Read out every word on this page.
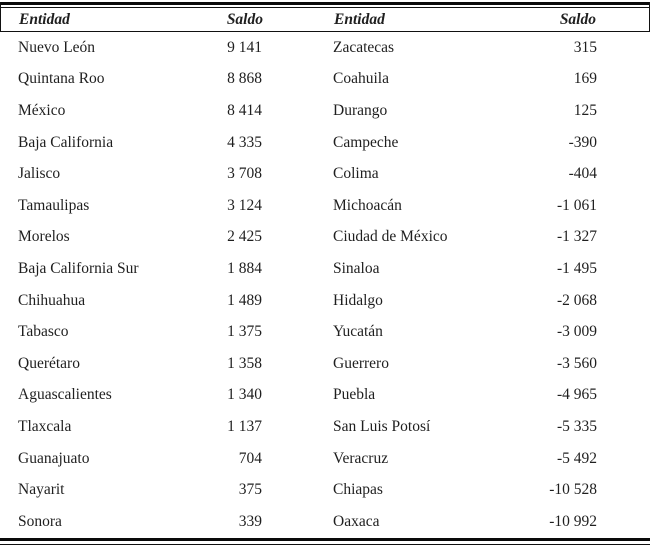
Entidad	Saldo	Entidad	Saldo
Nuevo León	9 141	Zacatecas	315
Quintana Roo	8 868	Coahuila	169
México	8 414	Durango	125
Baja California	4 335	Campeche	-390
Jalisco	3 708	Colima	-404
Tamaulipas	3 124	Michoacán	-1 061
Morelos	2 425	Ciudad de México	-1 327
Baja California Sur	1 884	Sinaloa	-1 495
Chihuahua	1 489	Hidalgo	-2 068
Tabasco	1 375	Yucatán	-3 009
Querétaro	1 358	Guerrero	-3 560
Aguascalientes	1 340	Puebla	-4 965
Tlaxcala	1 137	San Luis Potosí	-5 335
Guanajuato	704	Veracruz	-5 492
Nayarit	375	Chiapas	-10 528
Sonora	339	Oaxaca	-10 992
